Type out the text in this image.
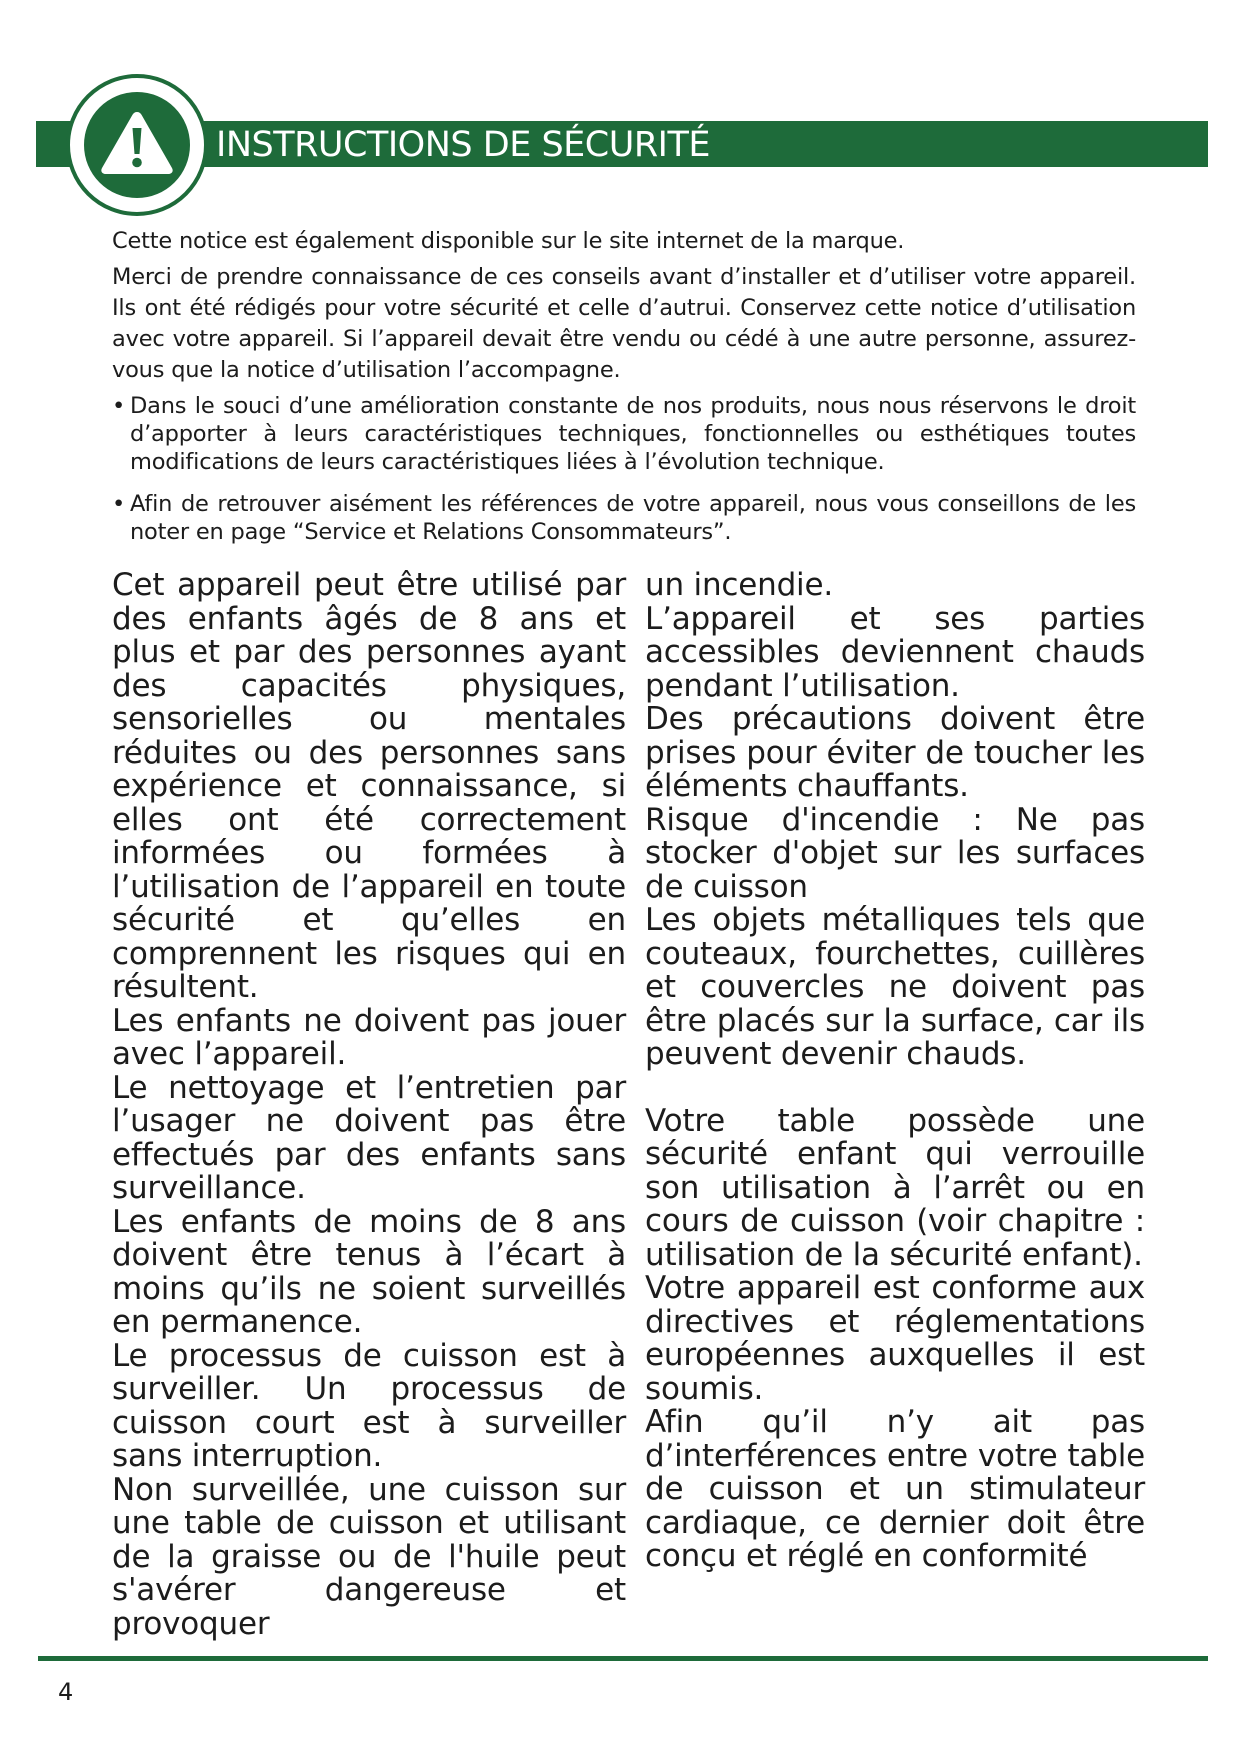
INSTRUCTIONS DE SÉCURITÉ

Cette notice est également disponible sur le site internet de la marque.

Merci de prendre connaissance de ces conseils avant d’installer et d’utiliser votre appareil. Ils ont été rédigés pour votre sécurité et celle d’autrui. Conservez cette notice d’utilisation avec votre appareil. Si l’appareil devait être vendu ou cédé à une autre personne, assurez-vous que la notice d’utilisation l’accompagne.

• Dans le souci d’une amélioration constante de nos produits, nous nous réservons le droit d’apporter à leurs caractéristiques techniques, fonctionnelles ou esthétiques toutes modifications de leurs caractéristiques liées à l’évolution technique.
• Afin de retrouver aisément les références de votre appareil, nous vous conseillons de les noter en page “Service et Relations Consommateurs”.

Cet appareil peut être utilisé par des enfants âgés de 8 ans et plus et par des personnes ayant des capacités physiques, sensorielles ou mentales réduites ou des personnes sans expérience et connaissance, si elles ont été correctement informées ou formées à l’utilisation de l’appareil en toute sécurité et qu’elles en comprennent les risques qui en résultent.

Les enfants ne doivent pas jouer avec l’appareil.

Le nettoyage et l’entretien par l’usager ne doivent pas être effectués par des enfants sans surveillance.

Les enfants de moins de 8 ans doivent être tenus à l’écart à moins qu’ils ne soient surveillés en permanence.

Le processus de cuisson est à surveiller. Un processus de cuisson court est à surveiller sans interruption.

Non surveillée, une cuisson sur une table de cuisson et utilisant de la graisse ou de l'huile peut s'avérer dangereuse et provoquer

un incendie.

L’appareil et ses parties accessibles deviennent chauds pendant l’utilisation.

Des précautions doivent être prises pour éviter de toucher les éléments chauffants.

Risque d'incendie : Ne pas stocker d'objet sur les surfaces de cuisson

Les objets métalliques tels que couteaux, fourchettes, cuillères et couvercles ne doivent pas être placés sur la surface, car ils peuvent devenir chauds.

Votre table possède une sécurité enfant qui verrouille son utilisation à l’arrêt ou en cours de cuisson (voir chapitre : utilisation de la sécurité enfant).

Votre appareil est conforme aux directives et réglementations européennes auxquelles il est soumis.

Afin qu’il n’y ait pas d’interférences entre votre table de cuisson et un stimulateur cardiaque, ce dernier doit être conçu et réglé en conformité

4
